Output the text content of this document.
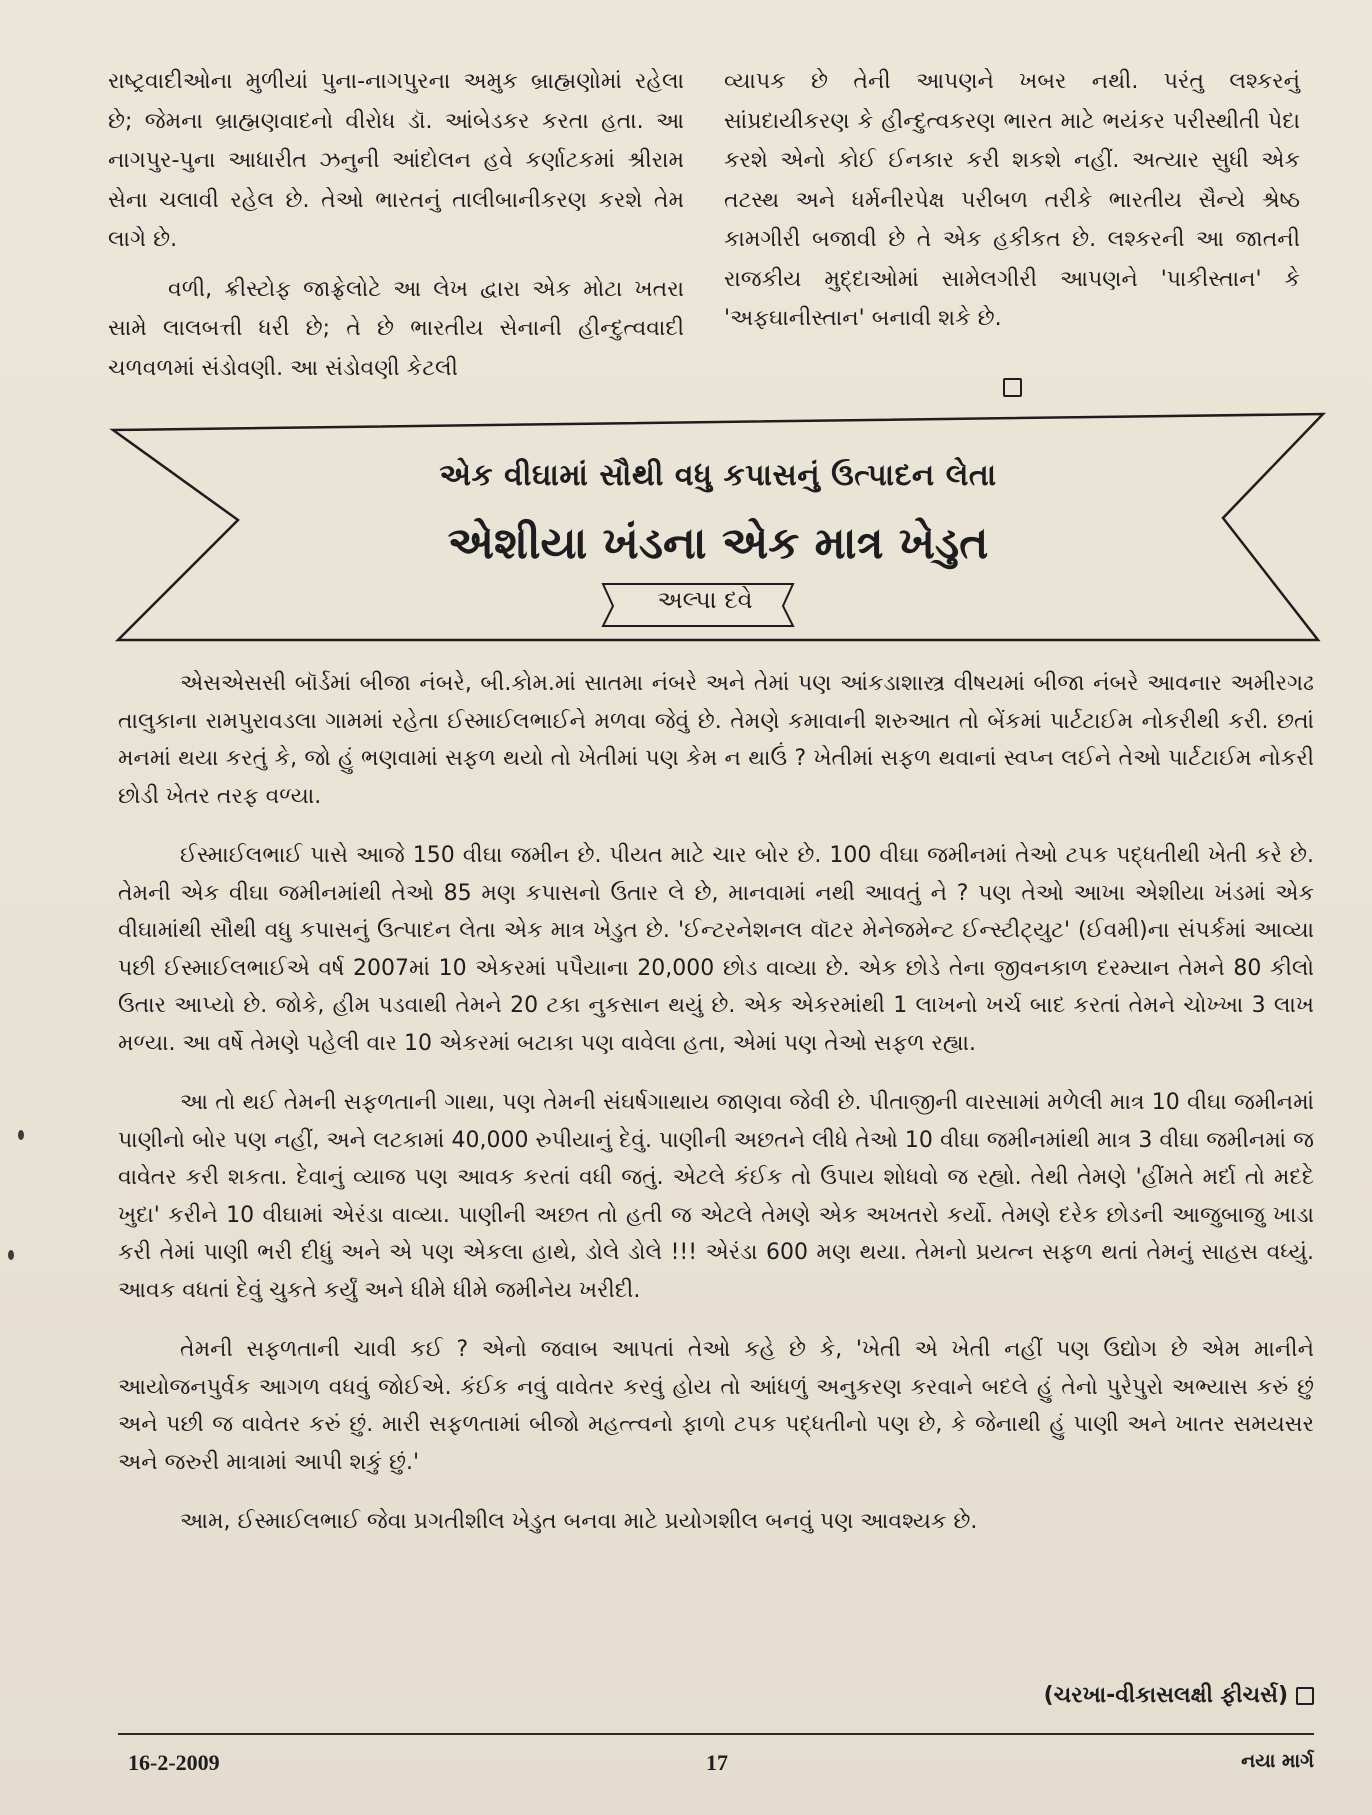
રાષ્ટ્રવાદીઓના મુળીયાં પુના-નાગપુરના અમુક બ્રાહ્મણોમાં રહેલા છે; જેમના બ્રાહ્મણવાદનો વીરોધ ડૉ. આંબેડકર કરતા હતા. આ નાગપુર-પુના આધારીત ઝનુની આંદોલન હવે કર્ણાટકમાં શ્રીરામ સેના ચલાવી રહેલ છે. તેઓ ભારતનું તાલીબાનીકરણ કરશે તેમ લાગે છે.

વળી, ક્રીસ્ટોફ જાફ્રેલોટે આ લેખ દ્વારા એક મોટા ખતરા સામે લાલબત્તી ધરી છે; તે છે ભારતીય સેનાની હીન્દુત્વવાદી ચળવળમાં સંડોવણી. આ સંડોવણી કેટલી

વ્યાપક છે તેની આપણને ખબર નથી. પરંતુ લશ્કરનું સાંપ્રદાયીકરણ કે હીન્દુત્વકરણ ભારત માટે ભયંકર પરીસ્થીતી પેદા કરશે એનો કોઈ ઈનકાર કરી શકશે નહીં. અત્યાર સુધી એક તટસ્થ અને ધર્મનીરપેક્ષ પરીબળ તરીકે ભારતીય સૈન્યે શ્રેષ્ઠ કામગીરી બજાવી છે તે એક હકીકત છે. લશ્કરની આ જાતની રાજકીય મુદ્દાઓમાં સામેલગીરી આપણને 'પાકીસ્તાન' કે 'અફઘાનીસ્તાન' બનાવી શકે છે.

એક વીઘામાં સૌથી વધુ કપાસનું ઉત્પાદન લેતા
એશીયા ખંડના એક માત્ર ખેડુત
અલ્પા દવે

એસએસસી બૉર્ડમાં બીજા નંબરે, બી.કોમ.માં સાતમા નંબરે અને તેમાં પણ આંકડાશાસ્ત્ર વીષયમાં બીજા નંબરે આવનાર અમીરગઢ તાલુકાના રામપુરાવડલા ગામમાં રહેતા ઈસ્માઈલભાઈને મળવા જેવું છે. તેમણે કમાવાની શરુઆત તો બેંકમાં પાર્ટટાઈમ નોકરીથી કરી. છતાં મનમાં થયા કરતું કે, જો હું ભણવામાં સફળ થયો તો ખેતીમાં પણ કેમ ન થાઉં ? ખેતીમાં સફળ થવાનાં સ્વપ્ન લઈને તેઓ પાર્ટટાઈમ નોકરી છોડી ખેતર તરફ વળ્યા.

ઈસ્માઈલભાઈ પાસે આજે 150 વીઘા જમીન છે. પીયત માટે ચાર બોર છે. 100 વીઘા જમીનમાં તેઓ ટપક પદ્ધતીથી ખેતી કરે છે. તેમની એક વીઘા જમીનમાંથી તેઓ 85 મણ કપાસનો ઉતાર લે છે, માનવામાં નથી આવતું ને ? પણ તેઓ આખા એશીયા ખંડમાં એક વીઘામાંથી સૌથી વધુ કપાસનું ઉત્પાદન લેતા એક માત્ર ખેડુત છે. 'ઈન્ટરનેશનલ વૉટર મેનેજમેન્ટ ઈન્સ્ટીટ્યુટ' (ઈવમી)ના સંપર્કમાં આવ્યા પછી ઈસ્માઈલભાઈએ વર્ષ 2007માં 10 એકરમાં પપૈયાના 20,000 છોડ વાવ્યા છે. એક છોડે તેના જીવનકાળ દરમ્યાન તેમને 80 કીલો ઉતાર આપ્યો છે. જોકે, હીમ પડવાથી તેમને 20 ટકા નુકસાન થયું છે. એક એકરમાંથી 1 લાખનો ખર્ચ બાદ કરતાં તેમને ચોખ્ખા 3 લાખ મળ્યા. આ વર્ષે તેમણે પહેલી વાર 10 એકરમાં બટાકા પણ વાવેલા હતા, એમાં પણ તેઓ સફળ રહ્યા.

આ તો થઈ તેમની સફળતાની ગાથા, પણ તેમની સંઘર્ષગાથાય જાણવા જેવી છે. પીતાજીની વારસામાં મળેલી માત્ર 10 વીઘા જમીનમાં પાણીનો બોર પણ નહીં, અને લટકામાં 40,000 રુપીયાનું દેવું. પાણીની અછતને લીધે તેઓ 10 વીઘા જમીનમાંથી માત્ર 3 વીઘા જમીનમાં જ વાવેતર કરી શકતા. દેવાનું વ્યાજ પણ આવક કરતાં વધી જતું. એટલે કંઈક તો ઉપાય શોધવો જ રહ્યો. તેથી તેમણે 'હીંમતે મર્દા તો મદદે ખુદા' કરીને 10 વીઘામાં એરંડા વાવ્યા. પાણીની અછત તો હતી જ એટલે તેમણે એક અખતરો કર્યો. તેમણે દરેક છોડની આજુબાજુ ખાડા કરી તેમાં પાણી ભરી દીધું અને એ પણ એકલા હાથે, ડોલે ડોલે !!! એરંડા 600 મણ થયા. તેમનો પ્રયત્ન સફળ થતાં તેમનું સાહસ વધ્યું. આવક વધતાં દેવું ચુકતે કર્યું અને ધીમે ધીમે જમીનેય ખરીદી.

તેમની સફળતાની ચાવી કઈ ? એનો જવાબ આપતાં તેઓ કહે છે કે, 'ખેતી એ ખેતી નહીં પણ ઉદ્યોગ છે એમ માનીને આયોજનપુર્વક આગળ વધવું જોઈએ. કંઈક નવું વાવેતર કરવું હોય તો આંધળું અનુકરણ કરવાને બદલે હું તેનો પુરેપુરો અભ્યાસ કરું છું અને પછી જ વાવેતર કરું છું. મારી સફળતામાં બીજો મહત્ત્વનો ફાળો ટપક પદ્ધતીનો પણ છે, કે જેનાથી હું પાણી અને ખાતર સમયસર અને જરુરી માત્રામાં આપી શકું છું.'

આમ, ઈસ્માઈલભાઈ જેવા પ્રગતીશીલ ખેડુત બનવા માટે પ્રયોગશીલ બનવું પણ આવશ્યક છે.

(ચરખા-વીકાસલક્ષી ફીચર્સ)
16-2-2009	17	નયા માર્ગ
